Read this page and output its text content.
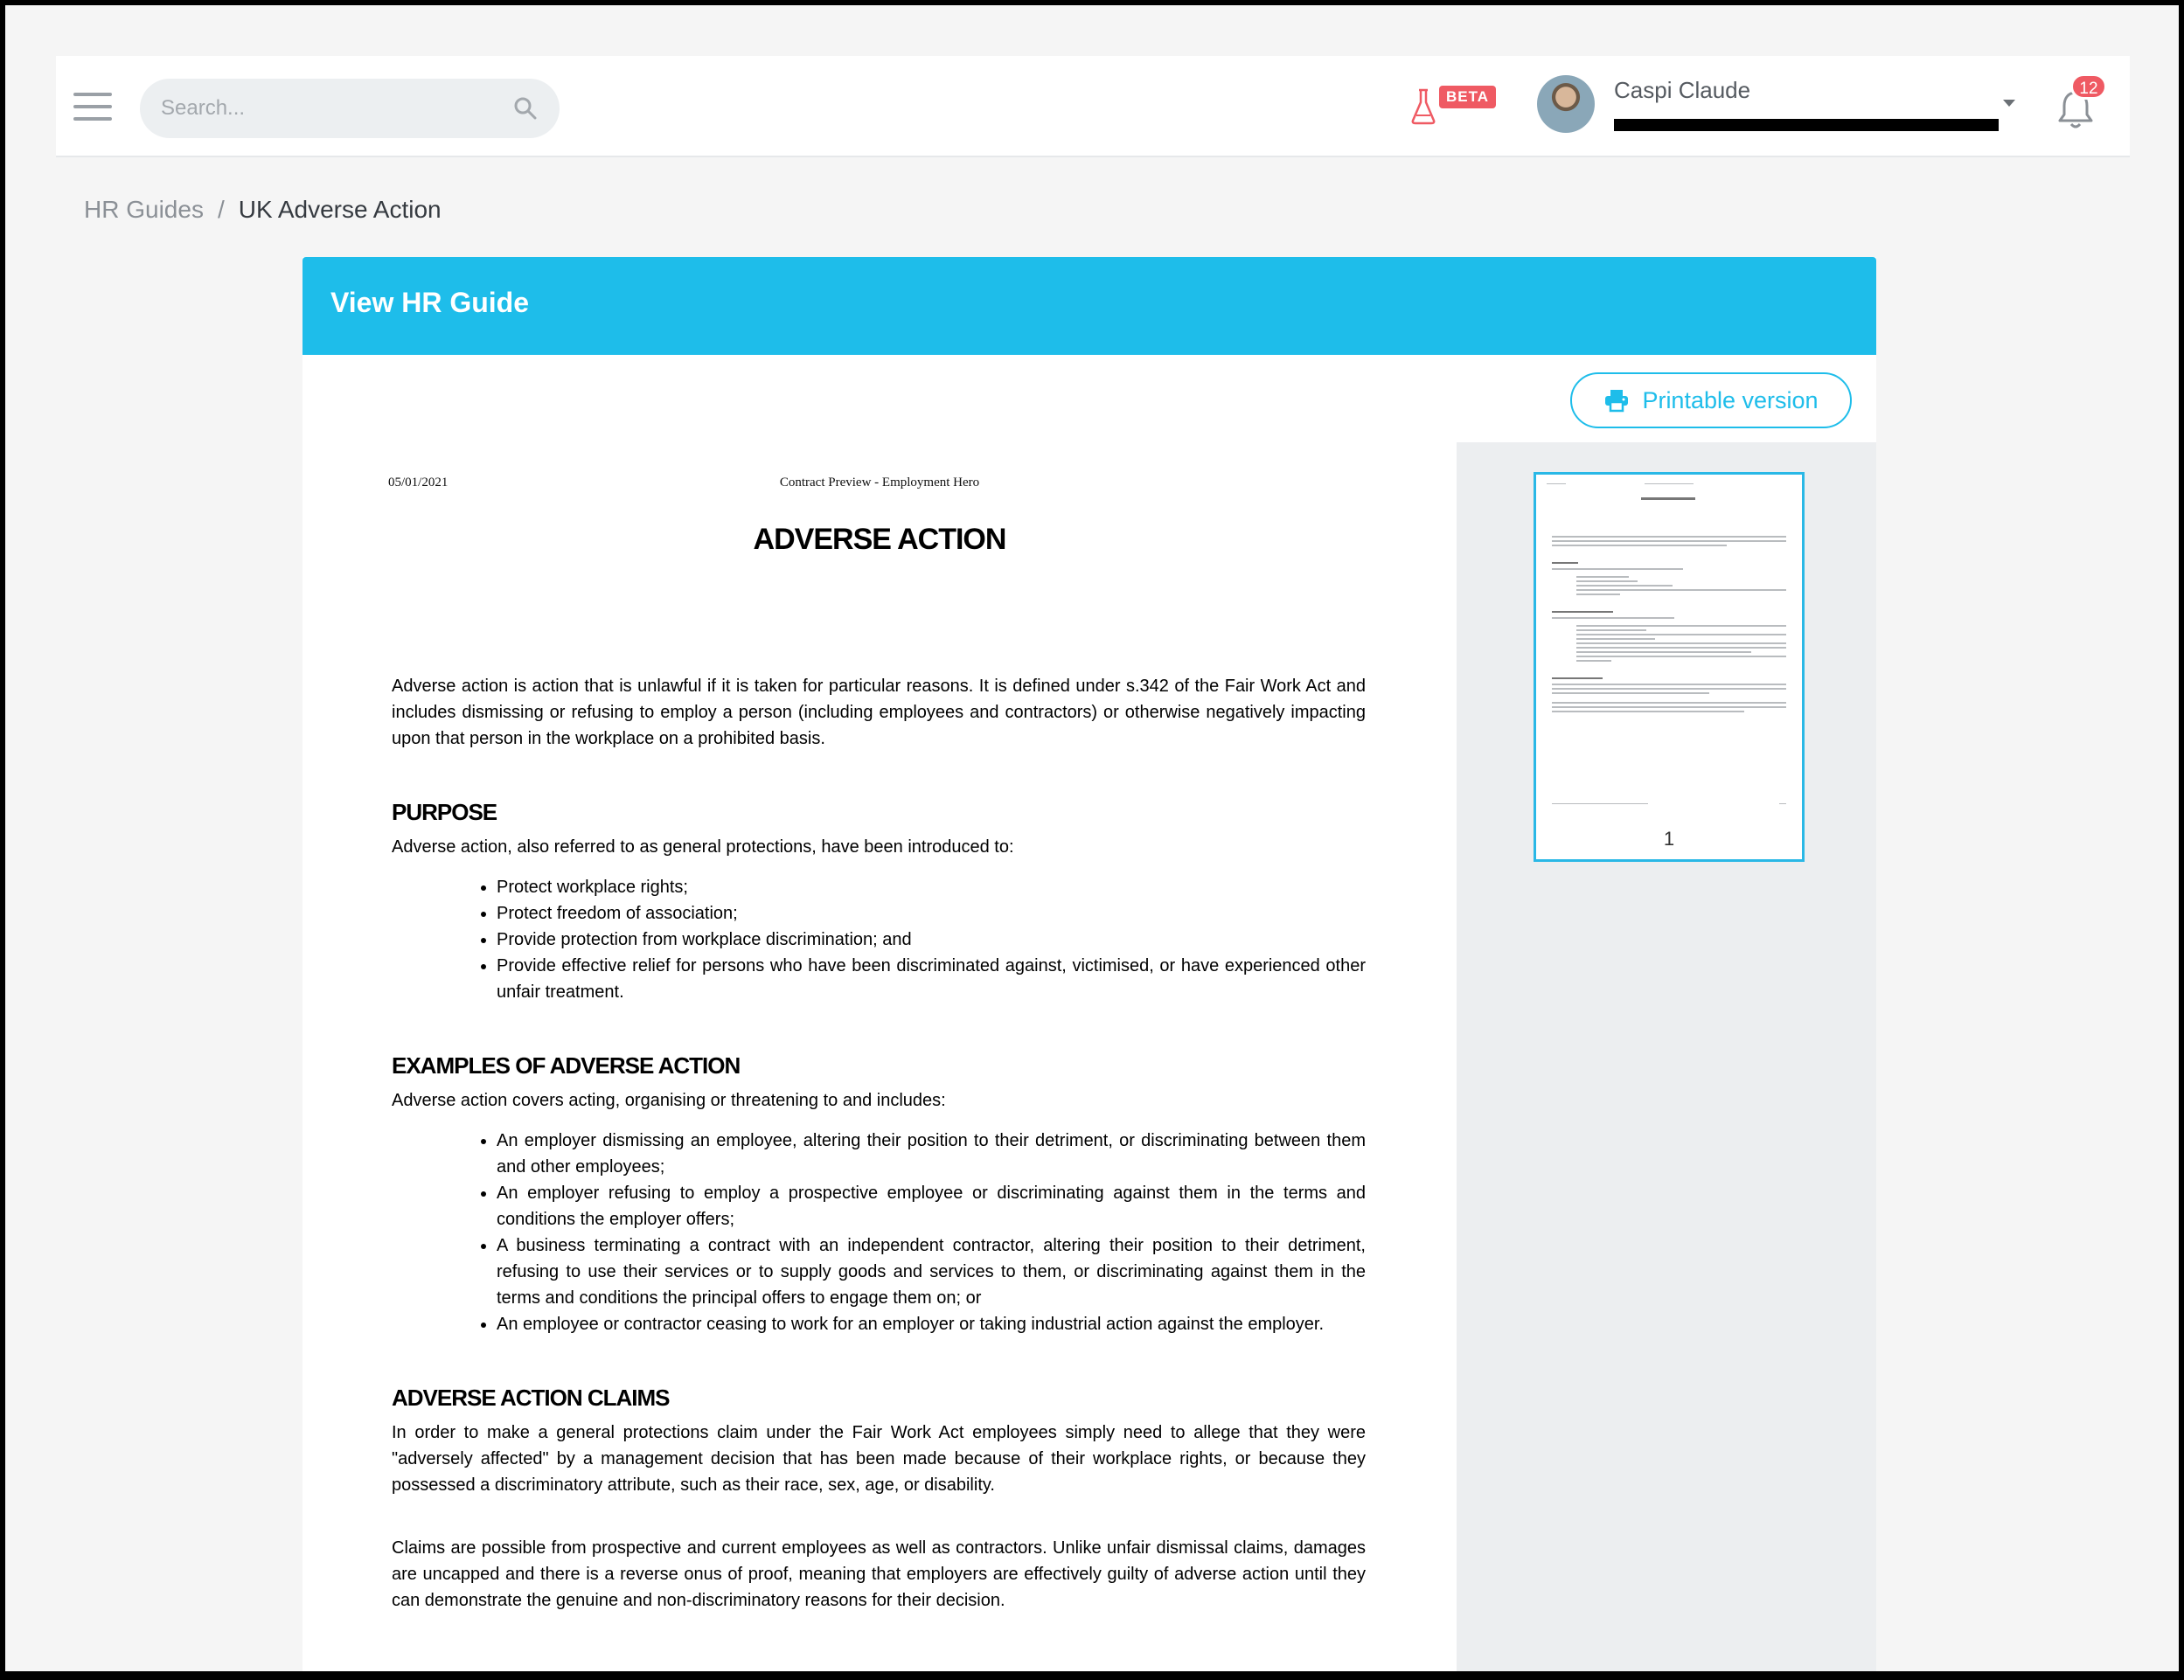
Search...
BETA	Caspi Claude	12
HR Guides / UK Adverse Action
View HR Guide
Printable version
05/01/2021	Contract Preview - Employment Hero
ADVERSE ACTION

Adverse action is action that is unlawful if it is taken for particular reasons. It is defined under s.342 of the Fair Work Act and includes dismissing or refusing to employ a person (including employees and contractors) or otherwise negatively impacting upon that person in the workplace on a prohibited basis.

PURPOSE

Adverse action, also referred to as general protections, have been introduced to:

• Protect workplace rights;
• Protect freedom of association;
• Provide protection from workplace discrimination; and
• Provide effective relief for persons who have been discriminated against, victimised, or have experienced other unfair treatment.
EXAMPLES OF ADVERSE ACTION

Adverse action covers acting, organising or threatening to and includes:

• An employer dismissing an employee, altering their position to their detriment, or discriminating between them and other employees;
• An employer refusing to employ a prospective employee or discriminating against them in the terms and conditions the employer offers;
• A business terminating a contract with an independent contractor, altering their position to their detriment, refusing to use their services or to supply goods and services to them, or discriminating against them in the terms and conditions the principal offers to engage them on; or
• An employee or contractor ceasing to work for an employer or taking industrial action against the employer.
ADVERSE ACTION CLAIMS

In order to make a general protections claim under the Fair Work Act employees simply need to allege that they were "adversely affected" by a management decision that has been made because of their workplace rights, or because they possessed a discriminatory attribute, such as their race, sex, age, or disability.

Claims are possible from prospective and current employees as well as contractors. Unlike unfair dismissal claims, damages are uncapped and there is a reverse onus of proof, meaning that employers are effectively guilty of adverse action until they can demonstrate the genuine and non-discriminatory reasons for their decision.

1
